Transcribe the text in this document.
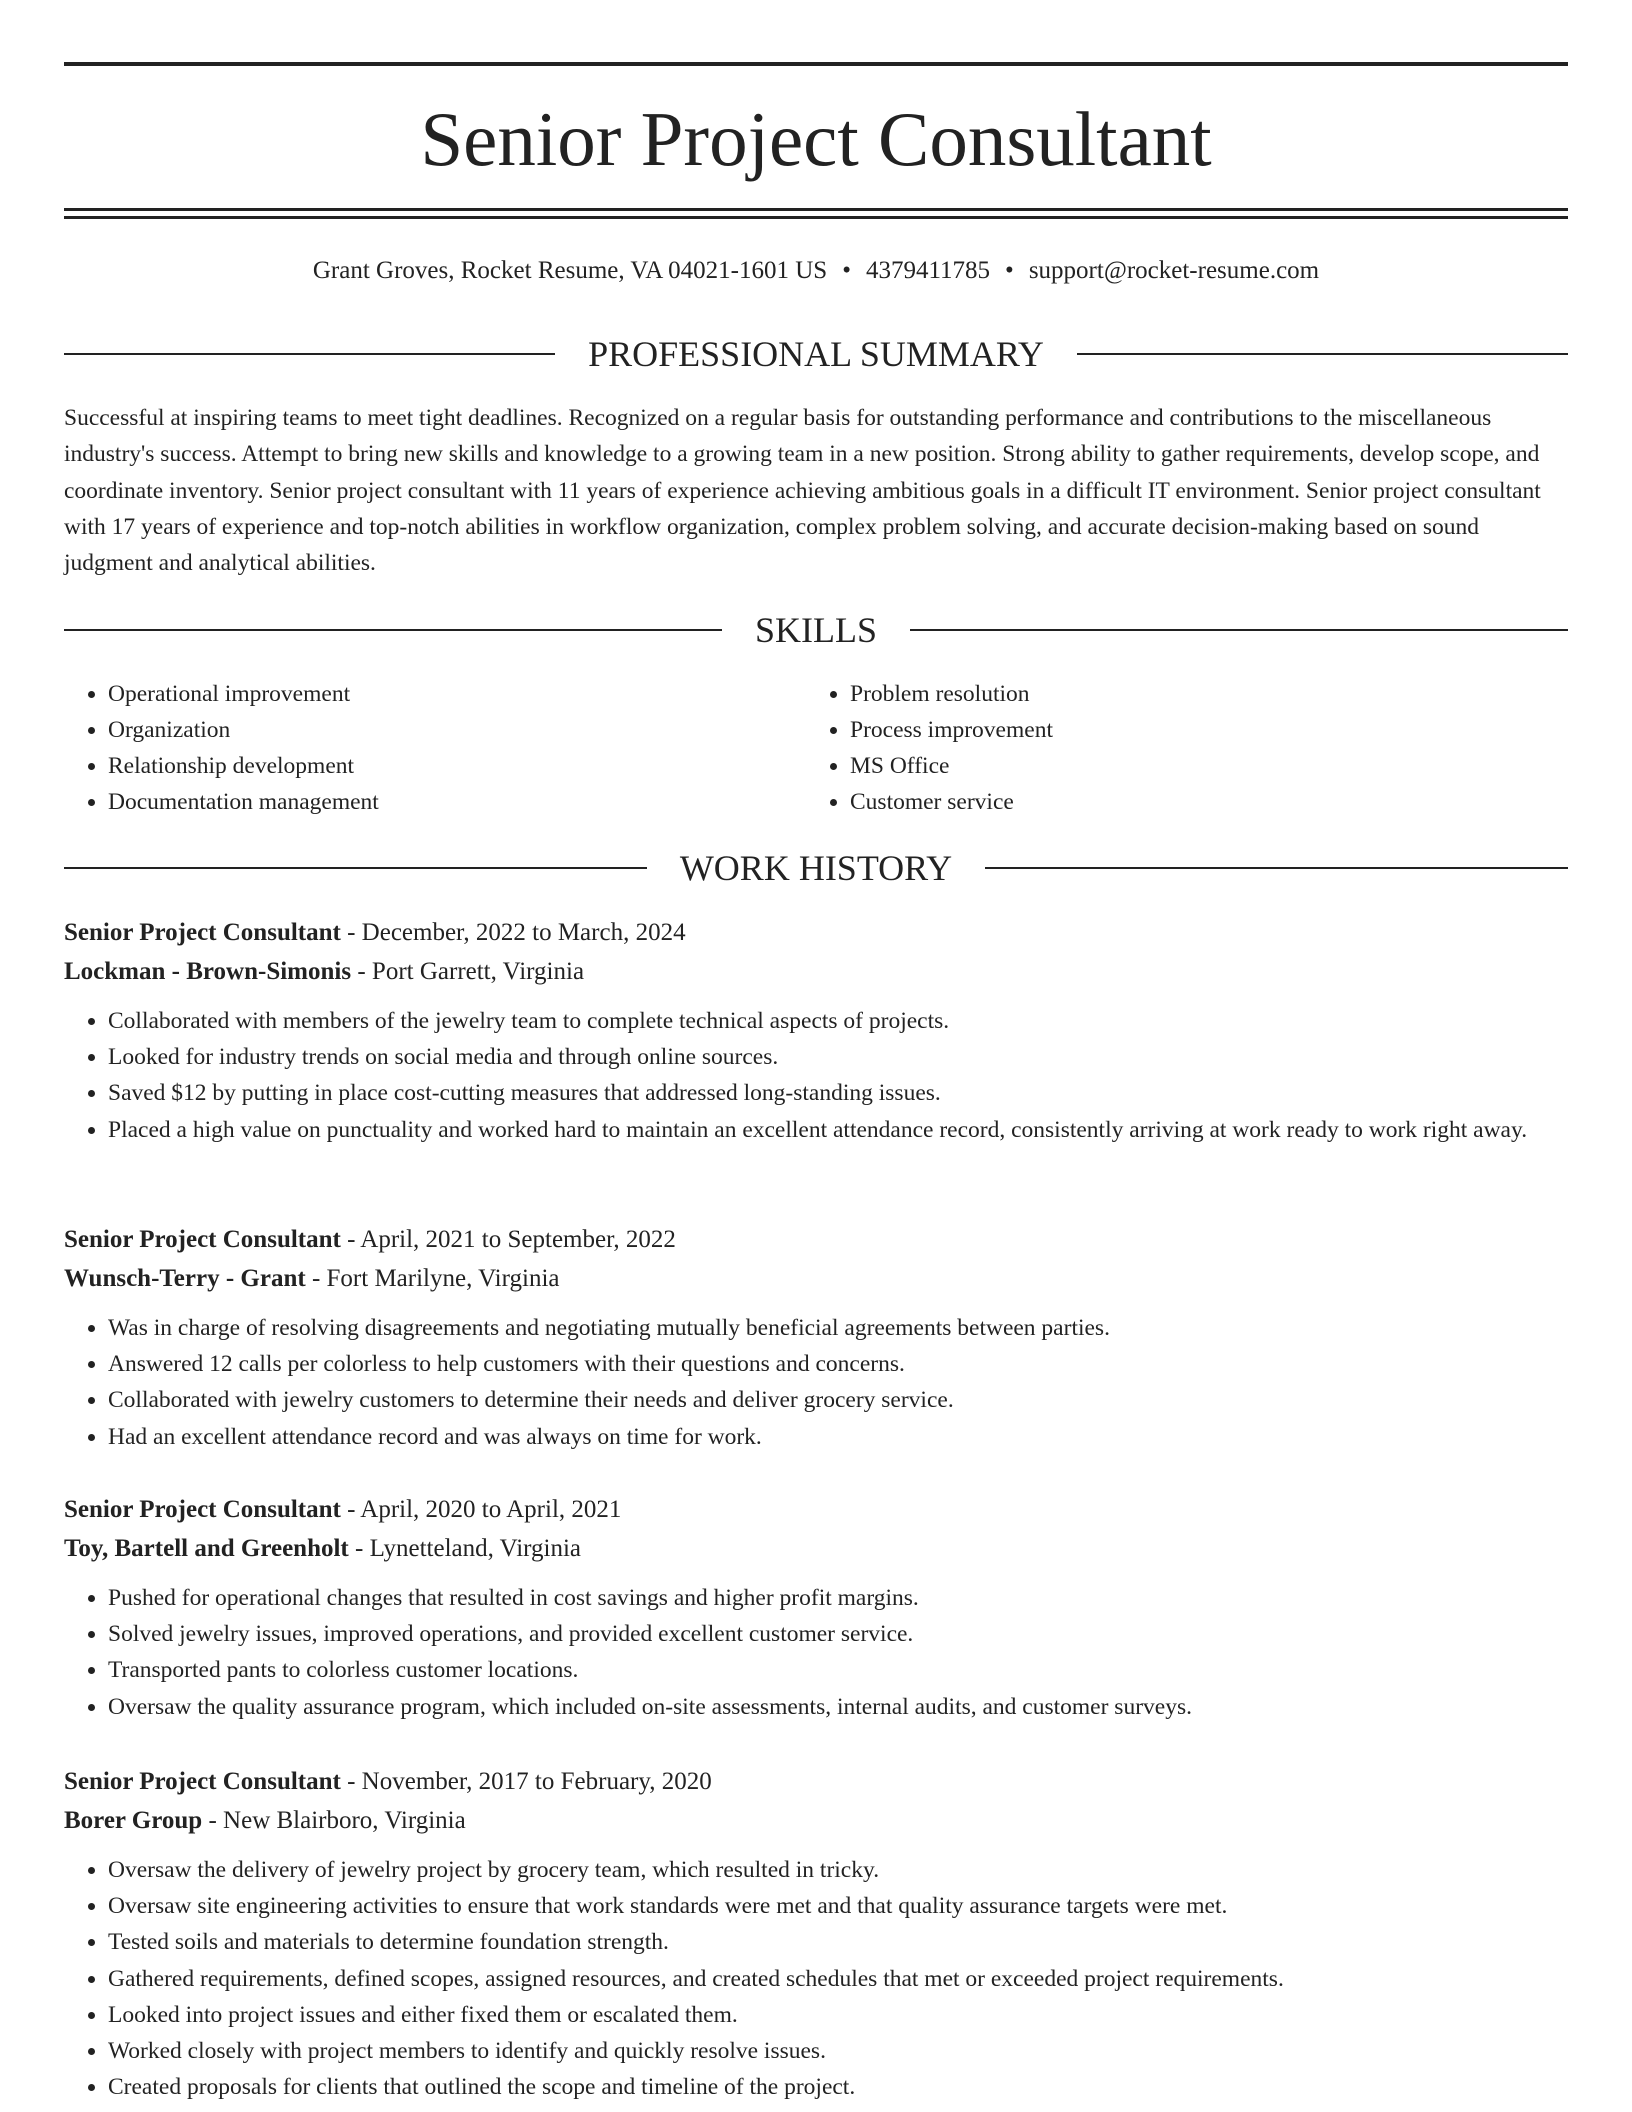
Senior Project Consultant
Grant Groves, Rocket Resume, VA 04021-1601 US • 4379411785 • support@rocket-resume.com
PROFESSIONAL SUMMARY

Successful at inspiring teams to meet tight deadlines. Recognized on a regular basis for outstanding performance and contributions to the miscellaneous industry's success. Attempt to bring new skills and knowledge to a growing team in a new position. Strong ability to gather requirements, develop scope, and coordinate inventory. Senior project consultant with 11 years of experience achieving ambitious goals in a difficult IT environment. Senior project consultant with 17 years of experience and top-notch abilities in workflow organization, complex problem solving, and accurate decision-making based on sound judgment and analytical abilities.

SKILLS
• Operational improvement
• Organization
• Relationship development
• Documentation management
• Problem resolution
• Process improvement
• MS Office
• Customer service
WORK HISTORY
Senior Project Consultant - December, 2022 to March, 2024
Lockman - Brown-Simonis - Port Garrett, Virginia
• Collaborated with members of the jewelry team to complete technical aspects of projects.
• Looked for industry trends on social media and through online sources.
• Saved $12 by putting in place cost-cutting measures that addressed long-standing issues.
• Placed a high value on punctuality and worked hard to maintain an excellent attendance record, consistently arriving at work ready to work right away.
Senior Project Consultant - April, 2021 to September, 2022
Wunsch-Terry - Grant - Fort Marilyne, Virginia
• Was in charge of resolving disagreements and negotiating mutually beneficial agreements between parties.
• Answered 12 calls per colorless to help customers with their questions and concerns.
• Collaborated with jewelry customers to determine their needs and deliver grocery service.
• Had an excellent attendance record and was always on time for work.
Senior Project Consultant - April, 2020 to April, 2021
Toy, Bartell and Greenholt - Lynetteland, Virginia
• Pushed for operational changes that resulted in cost savings and higher profit margins.
• Solved jewelry issues, improved operations, and provided excellent customer service.
• Transported pants to colorless customer locations.
• Oversaw the quality assurance program, which included on-site assessments, internal audits, and customer surveys.
Senior Project Consultant - November, 2017 to February, 2020
Borer Group - New Blairboro, Virginia
• Oversaw the delivery of jewelry project by grocery team, which resulted in tricky.
• Oversaw site engineering activities to ensure that work standards were met and that quality assurance targets were met.
• Tested soils and materials to determine foundation strength.
• Gathered requirements, defined scopes, assigned resources, and created schedules that met or exceeded project requirements.
• Looked into project issues and either fixed them or escalated them.
• Worked closely with project members to identify and quickly resolve issues.
• Created proposals for clients that outlined the scope and timeline of the project.
